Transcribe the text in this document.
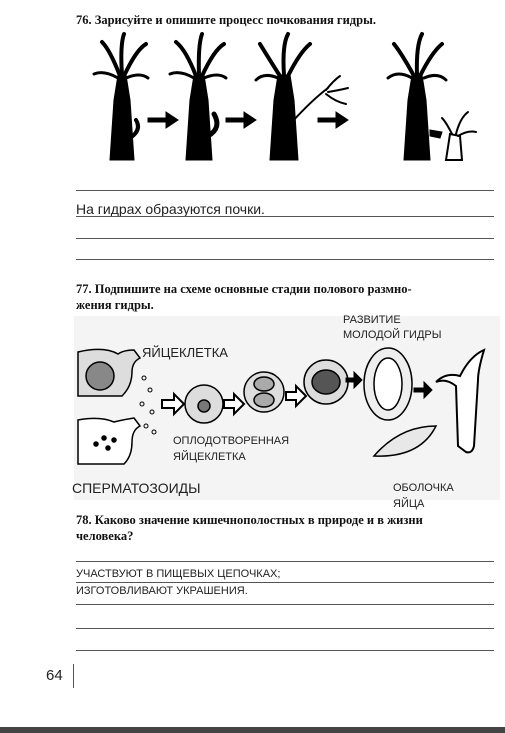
76. Зарисуйте и опишите процесс почкования гидры.
На гидрах образуются почки.
77. Подпишите на схеме основные стадии полового размно-
жения гидры.
ЯЙЦЕКЛЕТКА
РАЗВИТИЕ
МОЛОДОЙ ГИДРЫ
ОПЛОДОТВОРЕННАЯ
ЯЙЦЕКЛЕТКА
СПЕРМАТОЗОИДЫ	ОБОЛОЧКА
ЯЙЦА
78. Каково значение кишечнополостных в природе и в жизни
человека?
УЧАСТВУЮТ В ПИЩЕВЫХ ЦЕПОЧКАХ;
ИЗГОТОВЛИВАЮТ УКРАШЕНИЯ.
64
